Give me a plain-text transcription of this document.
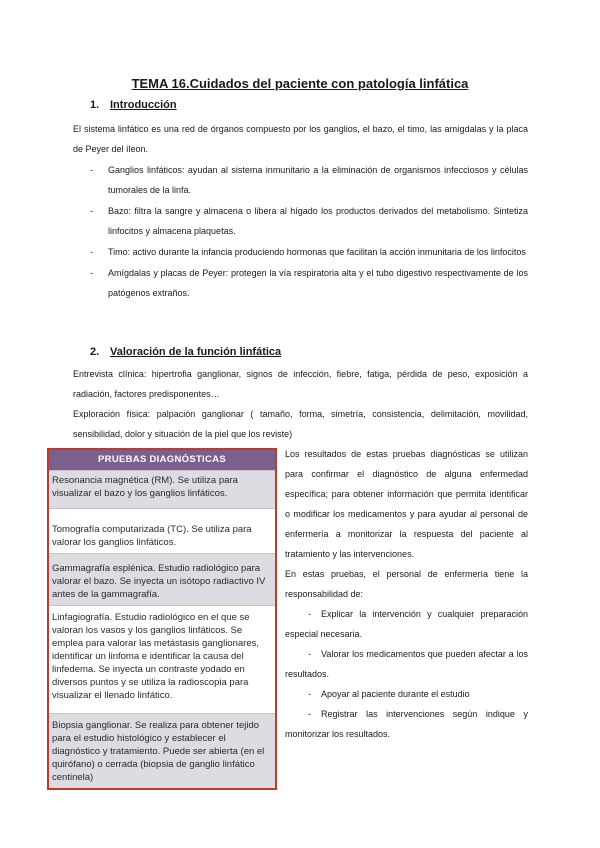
TEMA 16.Cuidados del paciente con patología linfática
1. Introducción
El sistema linfático es una red de órganos compuesto por los ganglios, el bazo, el timo, las amígdalas y la placa de Peyer del íleon.
- Ganglios linfáticos: ayudan al sistema inmunitario a la eliminación de organismos infecciosos y células tumorales de la linfa.
- Bazo: filtra la sangre y almacena o libera al hígado los productos derivados del metabolismo. Sintetiza linfocitos y almacena plaquetas.
- Timo: activo durante la infancia produciendo hormonas que facilitan la acción inmunitaria de los linfocitos
- Amígdalas y placas de Peyer: protegen la vía respiratoria alta y el tubo digestivo respectivamente de los patógenos extraños.
2. Valoración de la función linfática
Entrevista clínica: hipertrofia ganglionar, signos de infección, fiebre, fatiga, pérdida de peso, exposición a radiación, factores predisponentes…
Exploración física: palpación ganglionar ( tamaño, forma, simetría, consistencia, delimitación, movilidad, sensibilidad, dolor y situación de la piel que los reviste)
PRUEBAS DIAGNÓSTICAS
Resonancia magnética (RM). Se utiliza para visualizar el bazo y los ganglios linfáticos.
Tomografía computarizada (TC). Se utiliza para valorar los ganglios linfáticos.
Gammagrafía esplénica. Estudio radiológico para valorar el bazo. Se inyecta un isótopo radiactivo IV antes de la gammagrafía.
Linfagiografía. Estudio radiológico en el que se valoran los vasos y los ganglios linfáticos. Se emplea para valorar las metástasis ganglionares, identificar un linfoma e identificar la causa del linfedema. Se inyecta un contraste yodado en diversos puntos y se utiliza la radioscopia para visualizar el llenado linfático.
Biopsia ganglionar. Se realiza para obtener tejido para el estudio histológico y establecer el diagnóstico y tratamiento. Puede ser abierta (en el quirófano) o cerrada (biopsia de ganglio linfático centinela)

Los resultados de estas pruebas diagnósticas se utilizan para confirmar el diagnóstico de alguna enfermedad específica; para obtener información que permita identificar o modificar los medicamentos y para ayudar al personal de enfermería a monitorizar la respuesta del paciente al tratamiento y las intervenciones.

En estas pruebas, el personal de enfermería tiene la responsabilidad de:

- Explicar la intervención y cualquier preparación especial necesaria.
- Valorar los medicamentos que pueden afectar a los resultados.
- Apoyar al paciente durante el estudio
- Registrar las intervenciones según indique y monitorizar los resultados.
